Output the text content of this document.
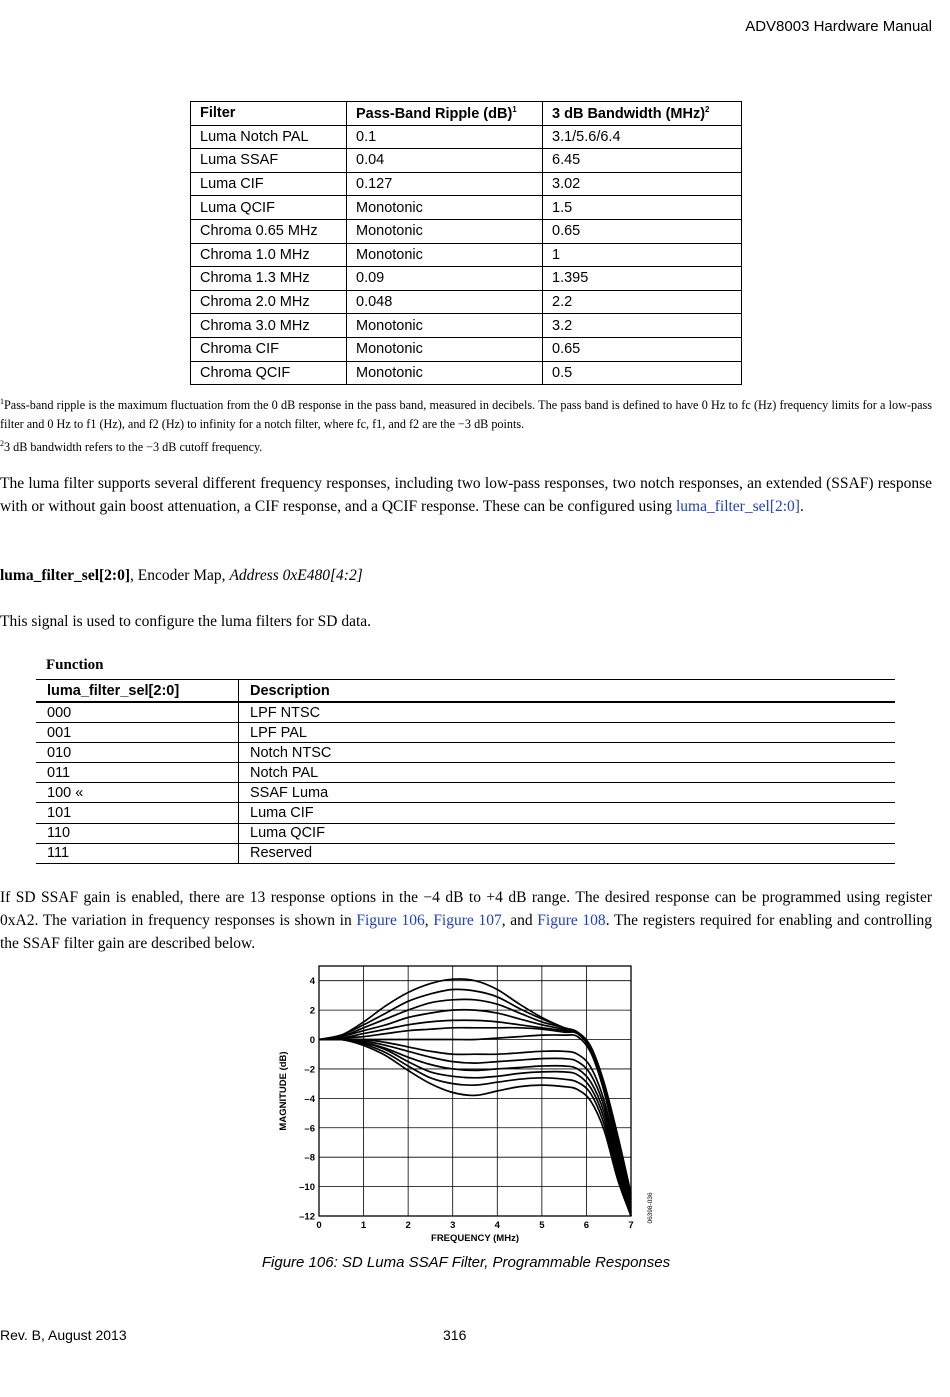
ADV8003 Hardware Manual
Filter	Pass-Band Ripple (dB)$^1$	3 dB Bandwidth (MHz)$^2$
Luma Notch PAL	0.1	3.1/5.6/6.4
Luma SSAF	0.04	6.45
Luma CIF	0.127	3.02
Luma QCIF	Monotonic	1.5
Chroma 0.65 MHz	Monotonic	0.65
Chroma 1.0 MHz	Monotonic	1
Chroma 1.3 MHz	0.09	1.395
Chroma 2.0 MHz	0.048	2.2
Chroma 3.0 MHz	Monotonic	3.2
Chroma CIF	Monotonic	0.65
Chroma QCIF	Monotonic	0.5

$^1$Pass-band ripple is the maximum fluctuation from the 0 dB response in the pass band, measured in decibels. The pass band is defined to have 0 Hz to fc (Hz) frequency limits for a low-pass filter and 0 Hz to f1 (Hz), and f2 (Hz) to infinity for a notch filter, where fc, f1, and f2 are the −3 dB points.

$^2$3 dB bandwidth refers to the −3 dB cutoff frequency.

The luma filter supports several different frequency responses, including two low-pass responses, two notch responses, an extended (SSAF) response with or without gain boost attenuation, a CIF response, and a QCIF response. These can be configured using luma_filter_sel[2:0].

luma_filter_sel[2:0], Encoder Map, Address 0xE480[4:2]

This signal is used to configure the luma filters for SD data.

Function
luma_filter_sel[2:0]	Description
000	LPF NTSC
001	LPF PAL
010	Notch NTSC
011	Notch PAL
100 «	SSAF Luma
101	Luma CIF
110	Luma QCIF
111	Reserved

If SD SSAF gain is enabled, there are 13 response options in the −4 dB to +4 dB range. The desired response can be programmed using register 0xA2. The variation in frequency responses is shown in Figure 106, Figure 107, and Figure 108. The registers required for enabling and controlling the SSAF filter gain are described below.

0	1	2	3	4	5	6	7
4
2
0
–2
–4
–6
–8
–10
–12
FREQUENCY (MHz)
MAGNITUDE (dB)
06398-036
Figure 106: SD Luma SSAF Filter, Programmable Responses
Rev. B, August 2013	316
